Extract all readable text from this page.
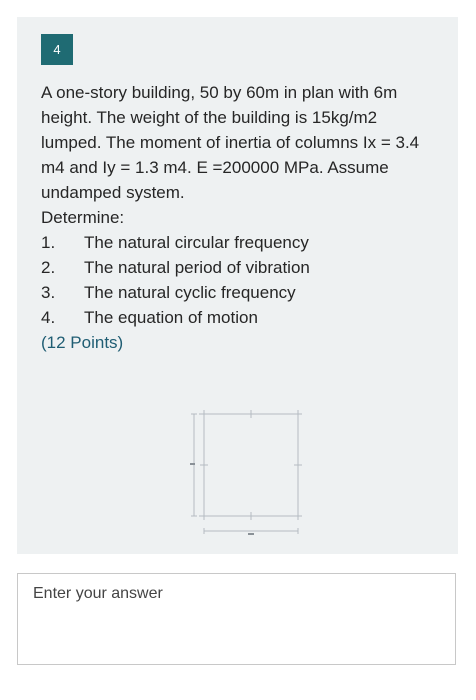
4

A one-story building, 50 by 60m in plan with 6m height. The weight of the building is 15kg/m2 lumped. The moment of inertia of columns Ix = 3.4 m4 and Iy = 1.3 m4. E =200000 MPa. Assume undamped system.

Determine:

1.	The natural circular frequency
2.	The natural period of vibration
3.	The natural cyclic frequency
4.	The equation of motion

(12 Points)

Enter your answer
